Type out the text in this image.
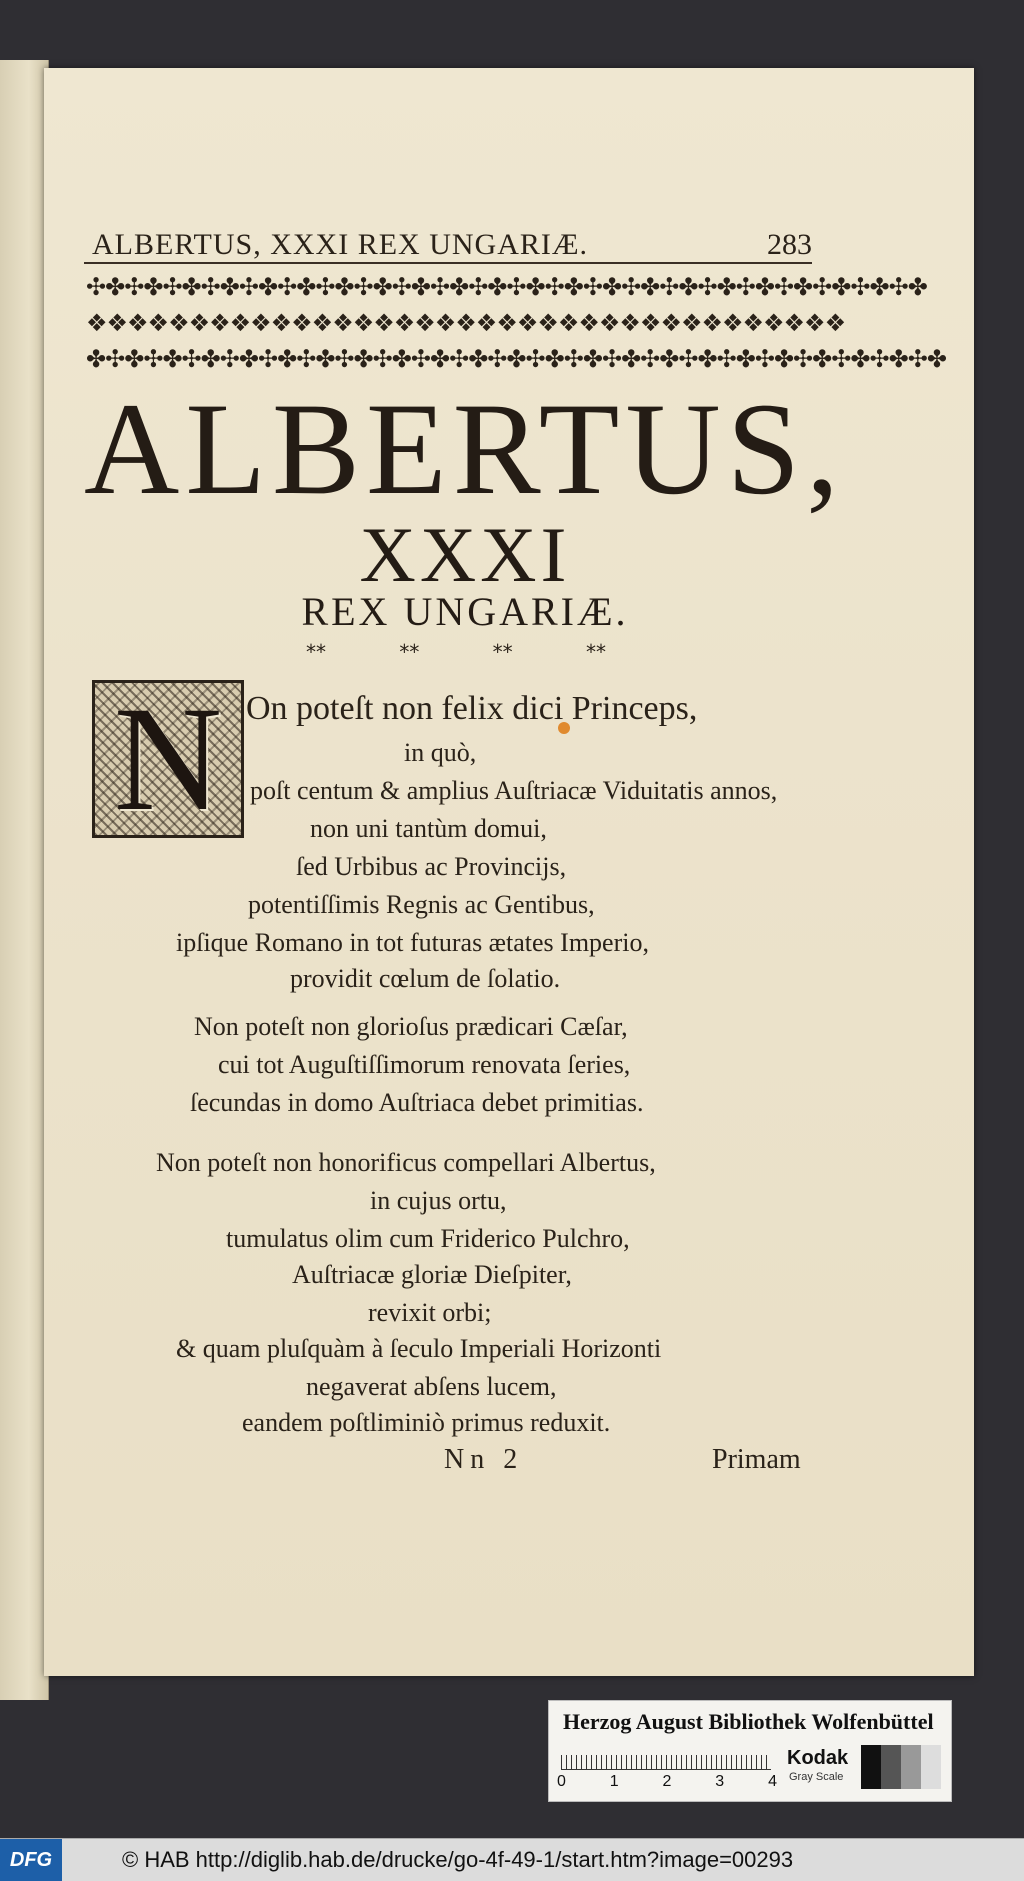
ALBERTUS, XXXI REX UNGARIÆ.	283
✣✤✣✤✣✤✣✤✣✤✣✤✣✤✣✤✣✤✣✤✣✤✣✤✣✤✣✤✣✤✣✤✣✤✣✤✣✤✣✤✣✤✣✤
❖❖❖❖❖❖❖❖❖❖❖❖❖❖❖❖❖❖❖❖❖❖❖❖❖❖❖❖❖❖❖❖❖❖❖❖❖
✤✣✤✣✤✣✤✣✤✣✤✣✤✣✤✣✤✣✤✣✤✣✤✣✤✣✤✣✤✣✤✣✤✣✤✣✤✣✤✣✤✣✤✣✤
ALBERTUS,
XXXI
REX UNGARIÆ.
**	**	**	**
N On poteſt non felix dici Princeps,
in quò,
poſt centum & amplius Auſtriacæ Viduitatis annos,
non uni tantùm domui,
ſed Urbibus ac Provincijs,
potentiſſimis Regnis ac Gentibus,
ipſique Romano in tot futuras ætates Imperio,
providit cœlum de ſolatio.
Non poteſt non glorioſus prædicari Cæſar,
cui tot Auguſtiſſimorum renovata ſeries,
ſecundas in domo Auſtriaca debet primitias.
Non poteſt non honorificus compellari Albertus,
in cujus ortu,
tumulatus olim cum Friderico Pulchro,
Auſtriacæ gloriæ Dieſpiter,
revixit orbi;
& quam pluſquàm à ſeculo Imperiali Horizonti
negaverat abſens lucem,
eandem poſtliminiò primus reduxit.
Nn 2	Primam
Herzog August Bibliothek Wolfenbüttel
0	1	2	3	4
Kodak
Gray Scale
DFG	© HAB http://diglib.hab.de/drucke/go-4f-49-1/start.htm?image=00293
